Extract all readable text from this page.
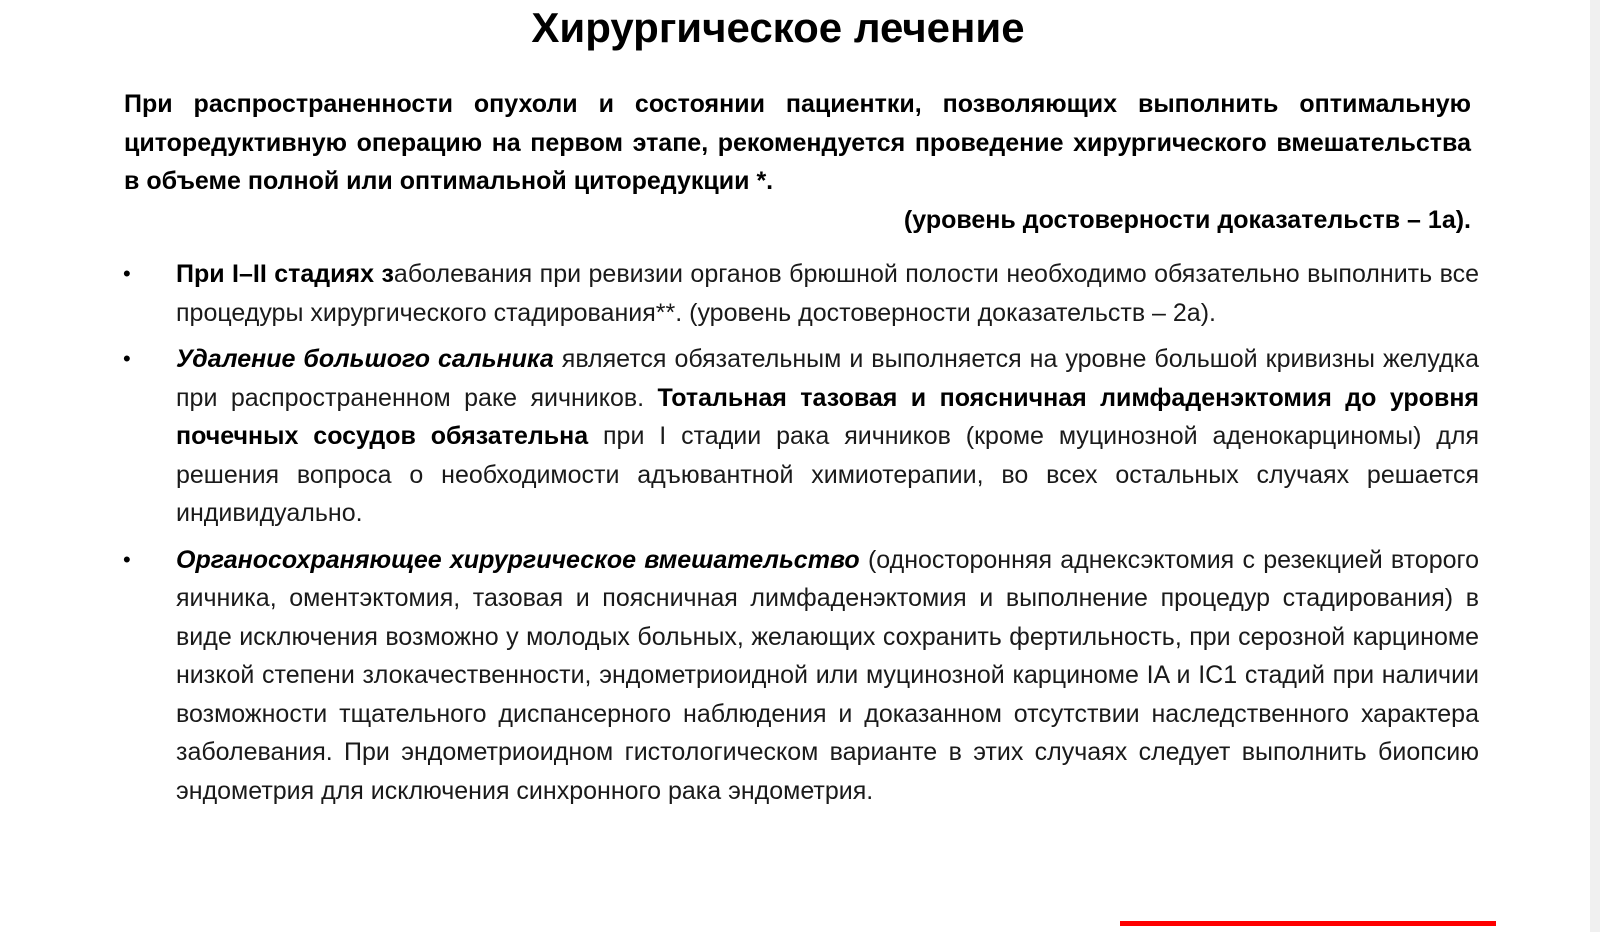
Хирургическое лечение

При распространенности опухоли и состоянии пациентки, позволяющих выполнить оптимальную циторедуктивную операцию на первом этапе, рекомендуется проведение хирургического вмешательства в объеме полной или оптимальной циторедукции *.
(уровень достоверности доказательств – 1а).

• При I–II стадиях заболевания при ревизии органов брюшной полости необходимо обязательно выполнить все процедуры хирургического стадирования**. (уровень достоверности доказательств – 2а).
• Удаление большого сальника является обязательным и выполняется на уровне большой кривизны желудка при распространенном раке яичников. Тотальная тазовая и поясничная лимфаденэктомия до уровня почечных сосудов обязательна при I стадии рака яичников (кроме муцинозной аденокарциномы) для решения вопроса о необходимости адъювантной химиотерапии, во всех остальных случаях решается индивидуально.
• Органосохраняющее хирургическое вмешательство (односторонняя аднексэктомия с резекцией второго яичника, оментэктомия, тазовая и поясничная лимфаденэктомия и выполнение процедур стадирования) в виде исключения возможно у молодых больных, желающих сохранить фертильность, при серозной карциноме низкой степени злокачественности, эндометриоидной или муцинозной карциноме IA и IC1 стадий при наличии возможности тщательного диспансерного наблюдения и доказанном отсутствии наследственного характера заболевания. При эндометриоидном гистологическом варианте в этих случаях следует выполнить биопсию эндометрия для исключения синхронного рака эндометрия.
